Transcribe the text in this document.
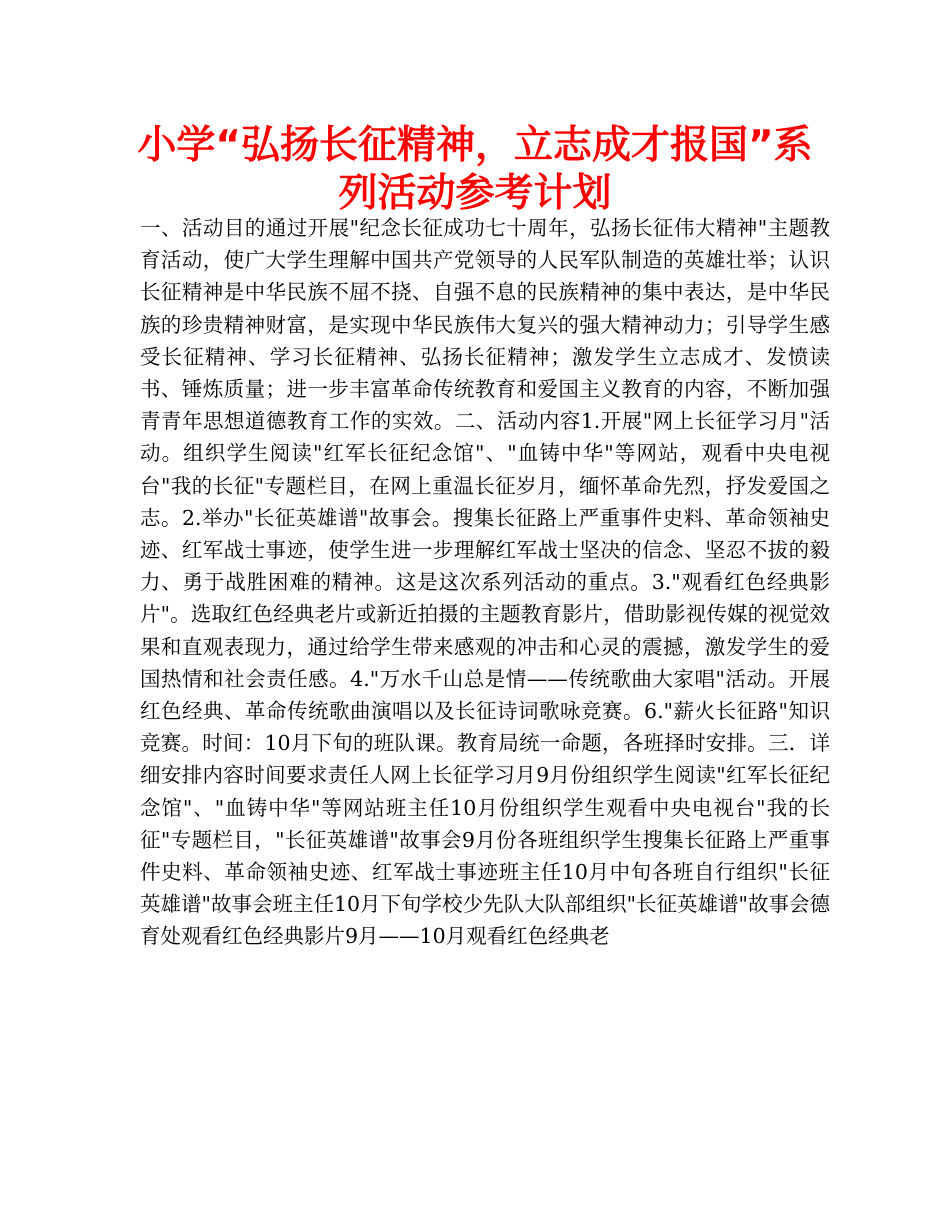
小学“弘扬长征精神，立志成才报国”系列活动参考计划

一、活动目的通过开展"纪念长征成功七十周年，弘扬长征伟大精神"主题教育活动，使广大学生理解中国共产党领导的人民军队制造的英雄壮举；认识长征精神是中华民族不屈不挠、自强不息的民族精神的集中表达，是中华民族的珍贵精神财富，是实现中华民族伟大复兴的强大精神动力；引导学生感受长征精神、学习长征精神、弘扬长征精神；激发学生立志成才、发愤读书、锤炼质量；进一步丰富革命传统教育和爱国主义教育的内容，不断加强青青年思想道德教育工作的实效。二、活动内容1.开展"网上长征学习月"活动。组织学生阅读"红军长征纪念馆"、"血铸中华"等网站，观看中央电视台"我的长征"专题栏目，在网上重温长征岁月，缅怀革命先烈，抒发爱国之志。2.举办"长征英雄谱"故事会。搜集长征路上严重事件史料、革命领袖史迹、红军战士事迹，使学生进一步理解红军战士坚决的信念、坚忍不拔的毅力、勇于战胜困难的精神。这是这次系列活动的重点。3."观看红色经典影片"。选取红色经典老片或新近拍摄的主题教育影片，借助影视传媒的视觉效果和直观表现力，通过给学生带来感观的冲击和心灵的震撼，激发学生的爱国热情和社会责任感。4."万水千山总是情——传统歌曲大家唱"活动。开展红色经典、革命传统歌曲演唱以及长征诗词歌咏竞赛。6."薪火长征路"知识竞赛。时间：10月下旬的班队课。教育局统一命题，各班择时安排。三．详细安排内容时间要求责任人网上长征学习月9月份组织学生阅读"红军长征纪念馆"、"血铸中华"等网站班主任10月份组织学生观看中央电视台"我的长征"专题栏目，"长征英雄谱"故事会9月份各班组织学生搜集长征路上严重事件史料、革命领袖史迹、红军战士事迹班主任10月中旬各班自行组织"长征英雄谱"故事会班主任10月下旬学校少先队大队部组织"长征英雄谱"故事会德育处观看红色经典影片9月——10月观看红色经典老
